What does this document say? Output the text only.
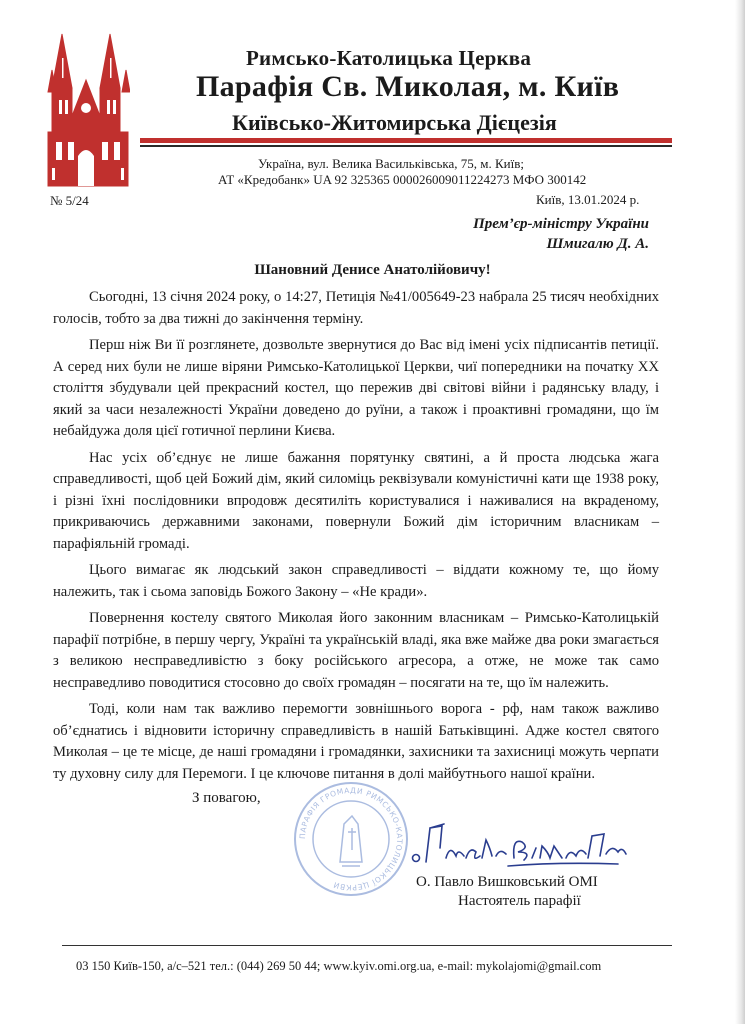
Римсько-Католицька Церква
Парафія Св. Миколая, м. Київ
Київсько-Житомирська Дієцезія
Україна, вул. Велика Васильківська, 75, м. Київ;
АТ «Кредобанк» UA 92 325365 000026009011224273 МФО 300142
№ 5/24	Київ, 13.01.2024 р.
Прем’єр-міністру України
Шмигалю Д. А.
Шановний Денисе Анатолійовичу!

Сьогодні, 13 січня 2024 року, о 14:27, Петиція №41/005649-23 набрала 25 тисяч необхідних голосів, тобто за два тижні до закінчення терміну.

Перш ніж Ви її розглянете, дозвольте звернутися до Вас від імені усіх підписантів петиції. А серед них були не лише віряни Римсько-Католицької Церкви, чиї попередники на початку XX століття збудували цей прекрасний костел, що пережив дві світові війни і радянську владу, і який за часи незалежності України доведено до руїни, а також і проактивні громадяни, що їм небайдужа доля цієї готичної перлини Києва.

Нас усіх об’єднує не лише бажання порятунку святині, а й проста людська жага справедливості, щоб цей Божий дім, який силоміць реквізували комуністичні кати ще 1938 року, і різні їхні послідовники впродовж десятиліть користувалися і наживалися на вкраденому, прикриваючись державними законами, повернули Божий дім історичним власникам – парафіяльній громаді.

Цього вимагає як людський закон справедливості – віддати кожному те, що йому належить, так і сьома заповідь Божого Закону – «Не кради».

Повернення костелу святого Миколая його законним власникам – Римсько-Католицькій парафії потрібне, в першу чергу, Україні та українській владі, яка вже майже два роки змагається з великою несправедливістю з боку російського агресора, а отже, не може так само несправедливо поводитися стосовно до своїх громадян – посягати на те, що їм належить.

Тоді, коли нам так важливо перемогти зовнішнього ворога - рф, нам також важливо об’єднатись і відновити історичну справедливість в нашій Батьківщині. Адже костел святого Миколая – це те місце, де наші громадяни і громадянки, захисники та захисниці можуть черпати ту духовну силу для Перемоги. І це ключове питання в долі майбутнього нашої країни.

З повагою,
ПАРАФІЯ ГРОМАДИ РИМСЬКО-КАТОЛИЦЬКОЇ ЦЕРКВИ	О. Павло Вишковський ОМІ
Настоятель парафії
03 150 Київ-150, а/с–521 тел.: (044) 269 50 44; www.kyiv.omi.org.ua, e-mail: mykolajomi@gmail.com
